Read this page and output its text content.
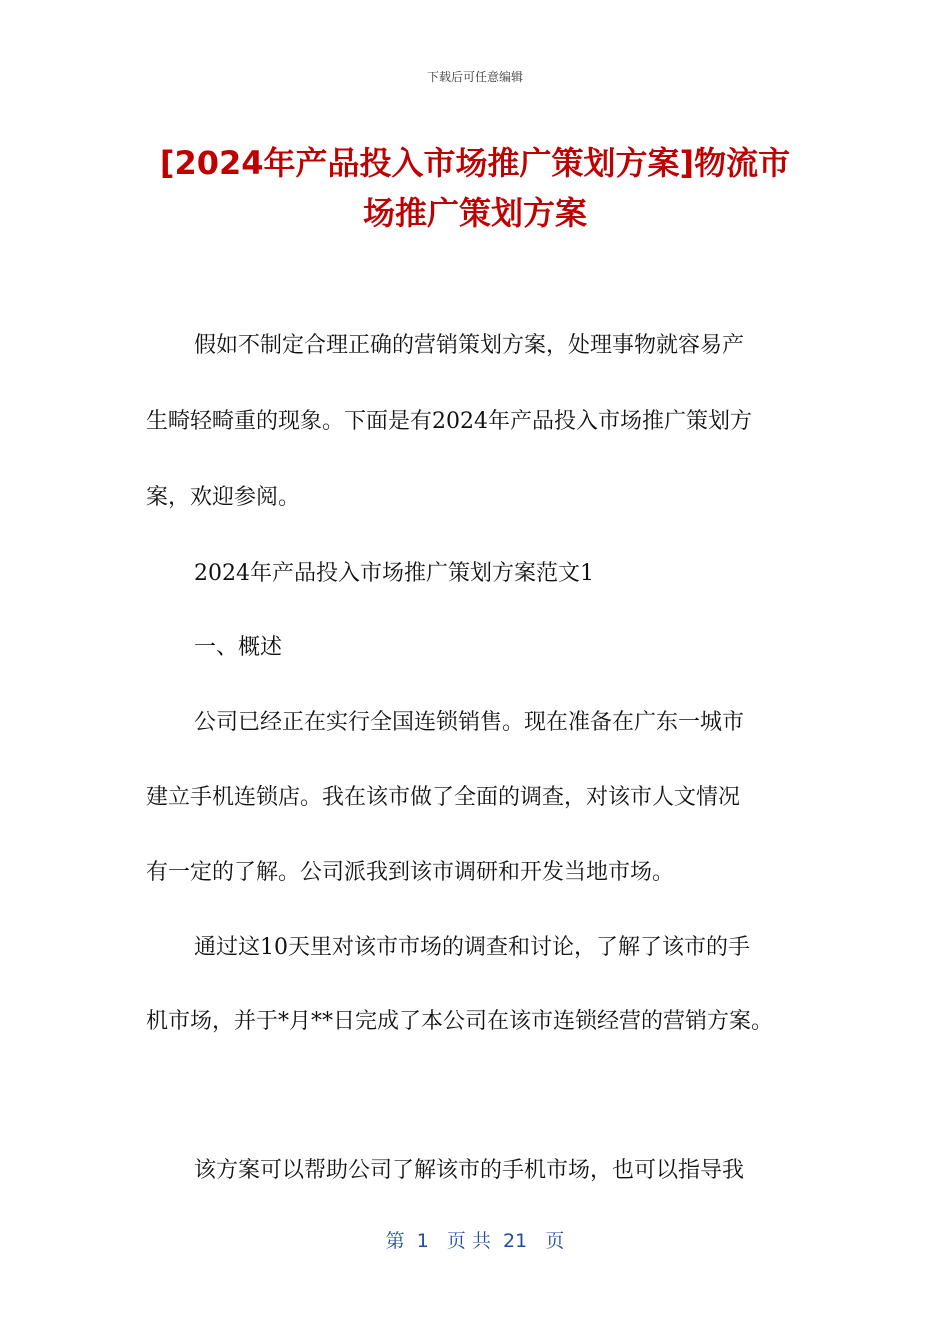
下载后可任意编辑
[2024年产品投入市场推广策划方案]物流市
场推广策划方案

假如不制定合理正确的营销策划方案，处理事物就容易产

生畸轻畸重的现象。下面是有2024年产品投入市场推广策划方

案，欢迎参阅。

2024年产品投入市场推广策划方案范文1

一、概述

公司已经正在实行全国连锁销售。现在准备在广东一城市

建立手机连锁店。我在该市做了全面的调查，对该市人文情况

有一定的了解。公司派我到该市调研和开发当地市场。

通过这10天里对该市市场的调查和讨论，了解了该市的手

机市场，并于*月**日完成了本公司在该市连锁经营的营销方案。

该方案可以帮助公司了解该市的手机市场，也可以指导我

第  1   页 共  21   页
